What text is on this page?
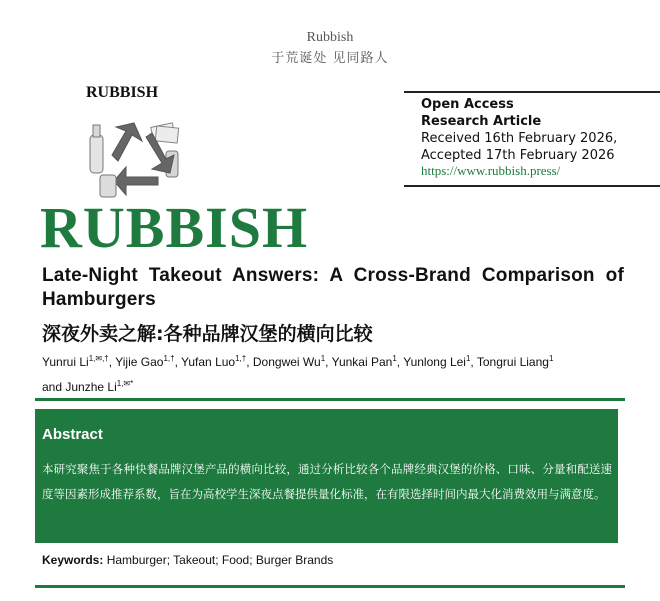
Rubbish
于荒诞处 见同路人
RUBBISH
RUBBISH
Open Access
Research Article
Received 16th February 2026,
Accepted 17th February 2026
https://www.rubbish.press/
Late-Night Takeout Answers: A Cross-Brand Comparison of Hamburgers
深夜外卖之解:各种品牌汉堡的横向比较
Yunrui $Li^{1,✉,\dagger}$, Yijie Gao$^{1,\dagger}$, Yufan Luo$^{1,\dagger}$, Dongwei Wu$^1$, Yunkai Pan$^1$, Yunlong Lei$^1$, Tongrui Liang$^1$
and Junzhe $Li^{1,✉*}$
Abstract
本研究聚焦于各种快餐品牌汉堡产品的横向比较，通过分析比较各个品牌经典汉堡的价格、口味、分量和配送速度等因素形成推荐系数，旨在为高校学生深夜点餐提供量化标准，在有限选择时间内最大化消费效用与满意度。
Keywords: Hamburger; Takeout; Food; Burger Brands
